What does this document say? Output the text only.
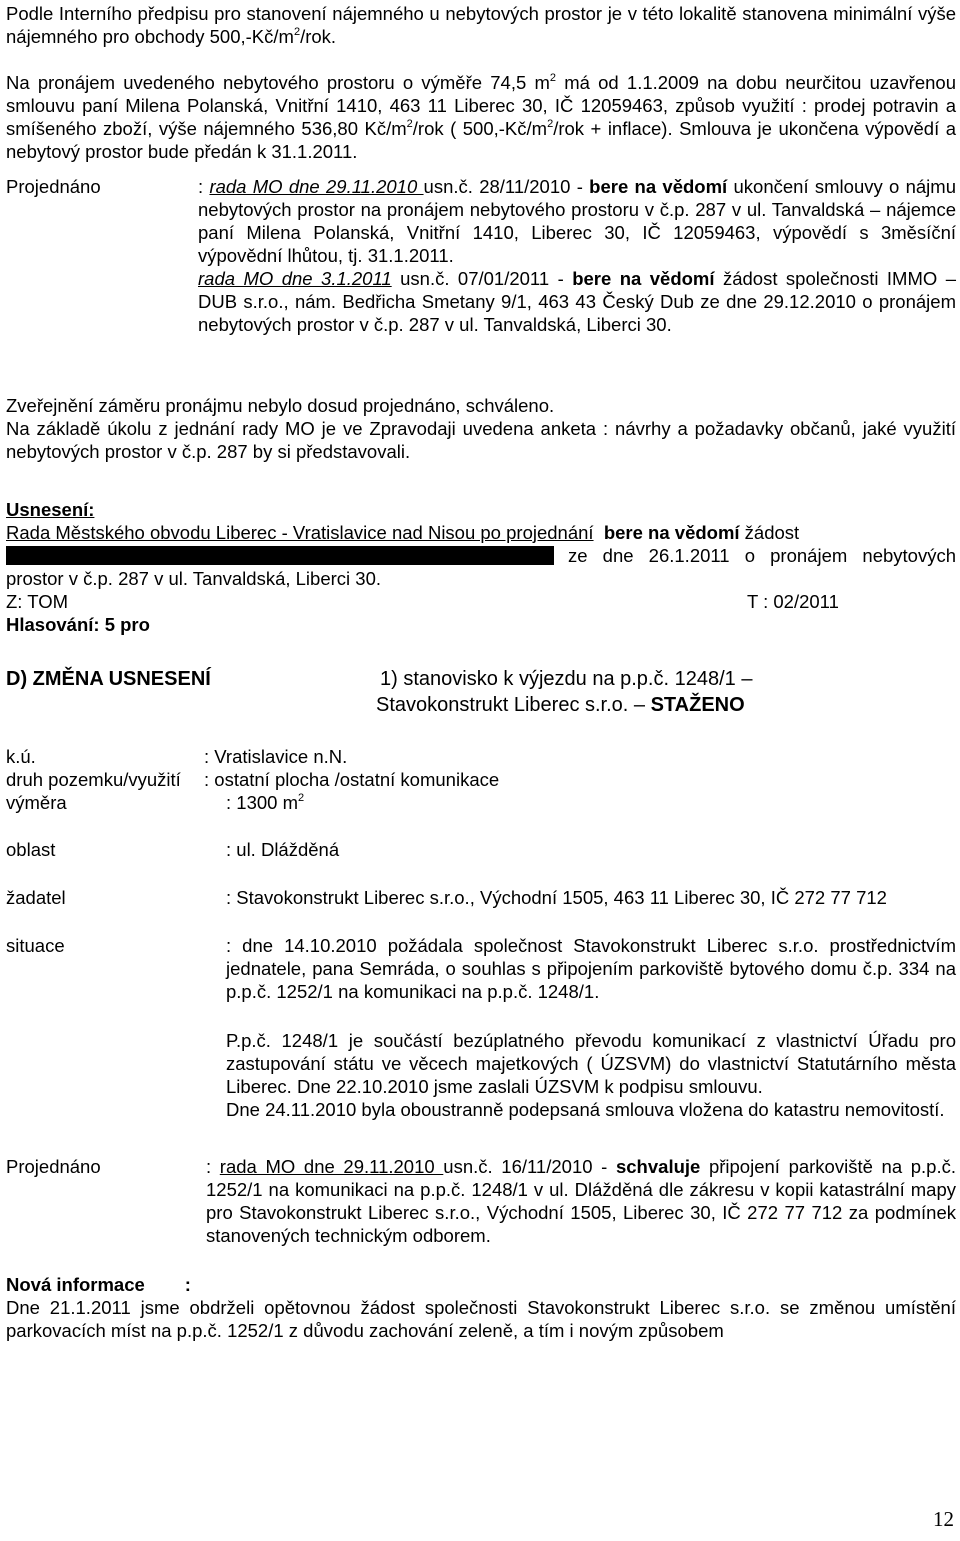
Podle Interního předpisu pro stanovení nájemného u nebytových prostor je v této lokalitě stanovena minimální výše nájemného pro obchody $500,-Kč/m^2$/rok.

Na pronájem uvedeného nebytového prostoru o výměře 74,5 $m^2$ má od 1.1.2009 na dobu neurčitou uzavřenou smlouvu paní Milena Polanská, Vnitřní 1410, 463 11 Liberec 30, IČ 12059463, způsob využití : prodej potravin a smíšeného zboží, výše nájemného 536,80 $Kč/m^2$/rok ( $500,-Kč/m^2$/rok + inflace). Smlouva je ukončena výpovědí a nebytový prostor bude předán k 31.1.2011.

Projednáno	: rada MO dne 29.11.2010 usn.č. 28/11/2010 - bere na vědomí ukončení smlouvy o nájmu nebytových prostor na pronájem nebytového prostoru v č.p. 287 v ul. Tanvaldská – nájemce paní Milena Polanská, Vnitřní 1410, Liberec 30, IČ 12059463, výpovědí s 3měsíční výpovědní lhůtou, tj. 31.1.2011.
rada MO dne 3.1.2011 usn.č. 07/01/2011 - bere na vědomí žádost společnosti IMMO – DUB s.r.o., nám. Bedřicha Smetany 9/1, 463 43 Český Dub ze dne 29.12.2010 o pronájem nebytových prostor v č.p. 287 v ul. Tanvaldská, Liberci 30.

Zveřejnění záměru pronájmu nebylo dosud projednáno, schváleno.

Na základě úkolu z jednání rady MO je ve Zpravodaji uvedena anketa : návrhy a požadavky občanů, jaké využití nebytových prostor v č.p. 287 by si představovali.

Usnesení:

Rada Městského obvodu Liberec - Vratislavice nad Nisou po projednání bere na vědomí žádost
ze dne 26.1.2011 o pronájem nebytových prostor v č.p. 287 v ul. Tanvaldská, Liberci 30.

Z: TOM	T : 02/2011

Hlasování: 5 pro

D) ZMĚNA USNESENÍ	1) stanovisko k výjezdu na p.p.č. 1248/1 –
Stavokonstrukt Liberec s.r.o. – STAŽENO
k.ú.	: Vratislavice n.N.
druh pozemku/využití	: ostatní plocha /ostatní komunikace
výměra	: 1300 $m^2$
oblast	: ul. Dlážděná
žadatel	: Stavokonstrukt Liberec s.r.o., Východní 1505, 463 11 Liberec 30, IČ 272 77 712
situace	: dne 14.10.2010 požádala společnost Stavokonstrukt Liberec s.r.o. prostřednictvím jednatele, pana Semráda, o souhlas s připojením parkoviště bytového domu č.p. 334 na p.p.č. 1252/1 na komunikaci na p.p.č. 1248/1.

P.p.č. 1248/1 je součástí bezúplatného převodu komunikací z vlastnictví Úřadu pro zastupování státu ve věcech majetkových ( ÚZSVM) do vlastnictví Statutárního města Liberec. Dne 22.10.2010 jsme zaslali ÚZSVM k podpisu smlouvu.

Dne 24.11.2010 byla oboustranně podepsaná smlouva vložena do katastru nemovitostí.

Projednáno	: rada MO dne 29.11.2010 usn.č. 16/11/2010 - schvaluje připojení parkoviště na p.p.č. 1252/1 na komunikaci na p.p.č. 1248/1 v ul. Dlážděná dle zákresu v kopii katastrální mapy pro Stavokonstrukt Liberec s.r.o., Východní 1505, Liberec 30, IČ 272 77 712 za podmínek stanovených technickým odborem.

Nová informace :

Dne 21.1.2011 jsme obdrželi opětovnou žádost společnosti Stavokonstrukt Liberec s.r.o. se změnou umístění parkovacích míst na p.p.č. 1252/1 z důvodu zachování zeleně, a tím i novým způsobem

12
